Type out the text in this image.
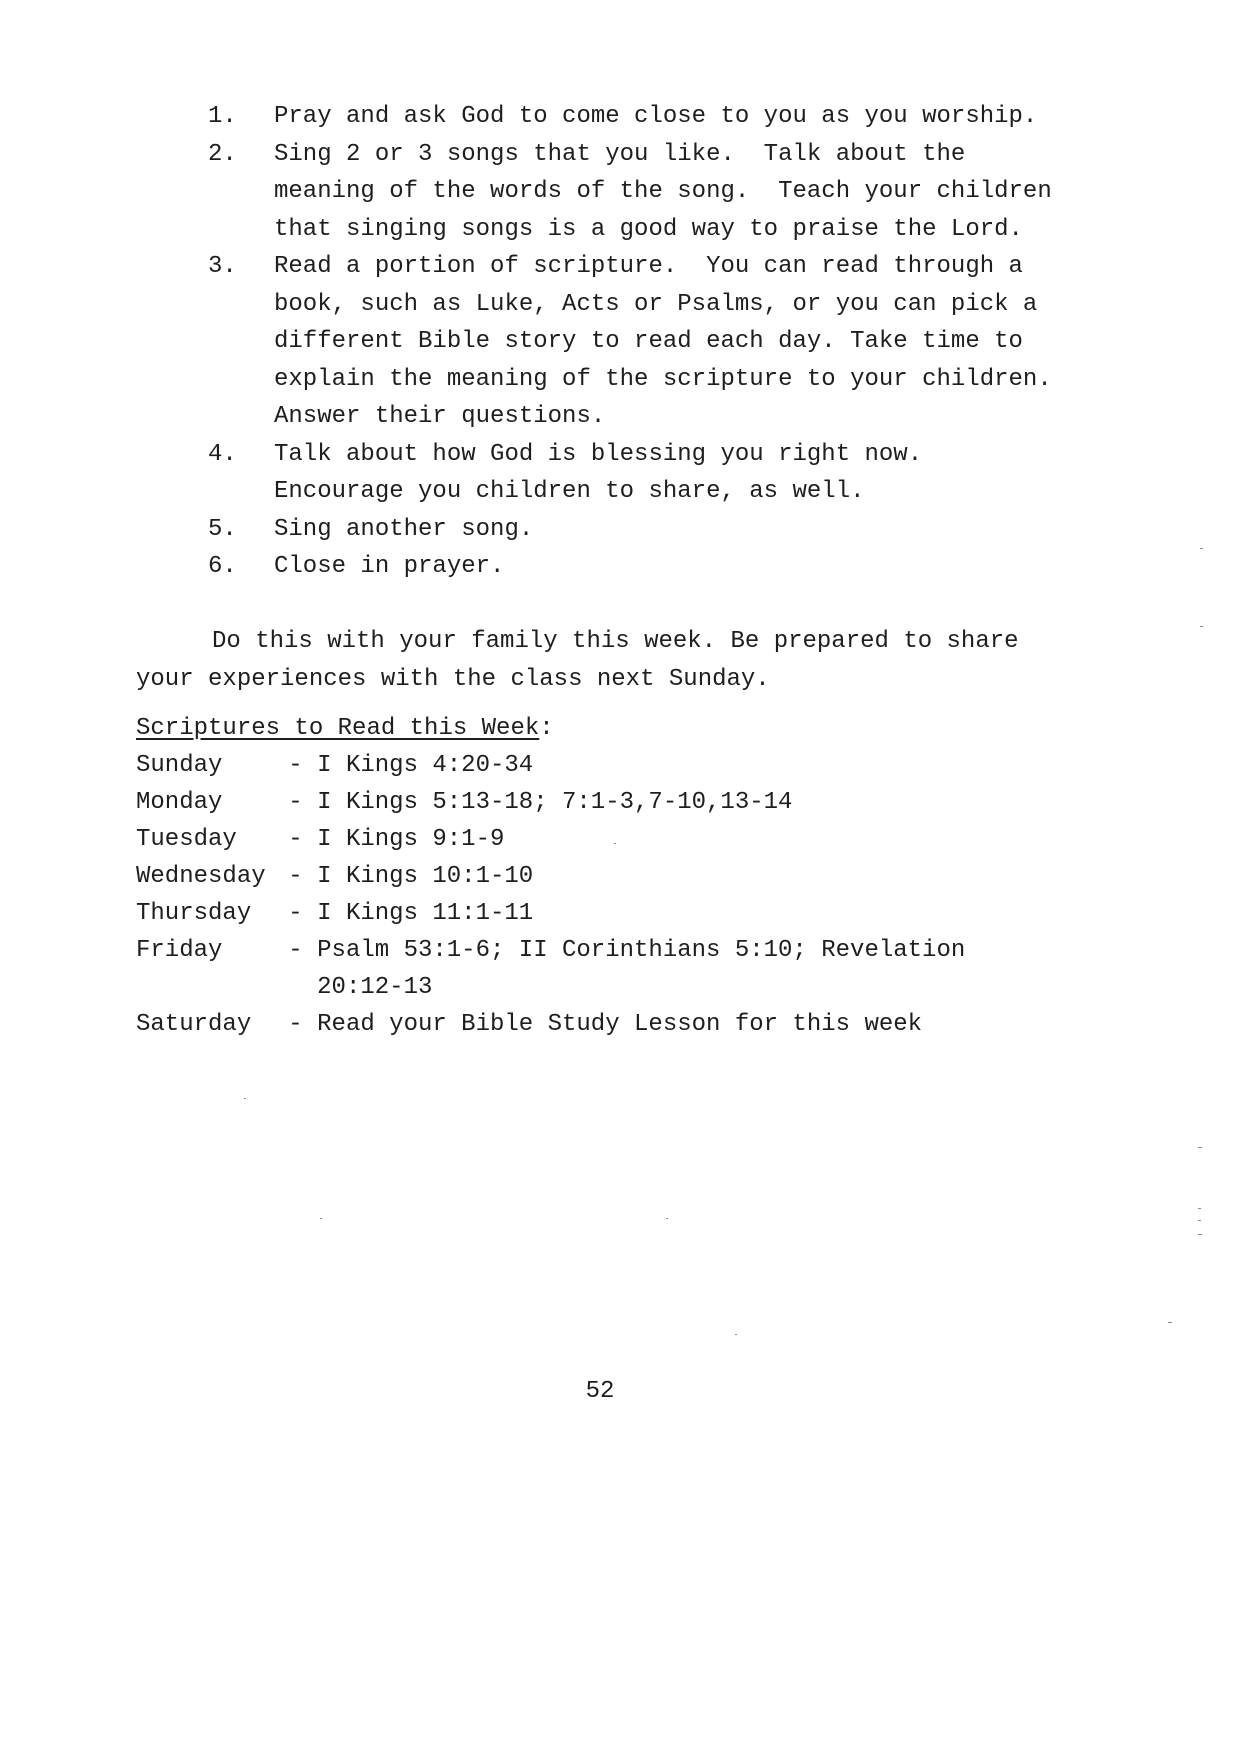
1. Pray and ask God to come close to you as you worship.
2. Sing 2 or 3 songs that you like.  Talk about the meaning of the words of the song.  Teach your children that singing songs is a good way to praise the Lord.
3. Read a portion of scripture.  You can read through a book, such as Luke, Acts or Psalms, or you can pick a different Bible story to read each day. Take time to explain the meaning of the scripture to your children.  Answer their questions.
4. Talk about how God is blessing you right now. Encourage you children to share, as well.
5. Sing another song.
6. Close in prayer.

Do this with your family this week. Be prepared to share your experiences with the class next Sunday.

Scriptures to Read this Week:

Sunday	-	I Kings 4:20-34
Monday	-	I Kings 5:13-18; 7:1-3,7-10,13-14
Tuesday	-	I Kings 9:1-9
Wednesday	-	I Kings 10:1-10
Thursday	-	I Kings 11:1-11
Friday	-	Psalm 53:1-6; II Corinthians 5:10; Revelation 20:12-13
Saturday	-	Read your Bible Study Lesson for this week
52
